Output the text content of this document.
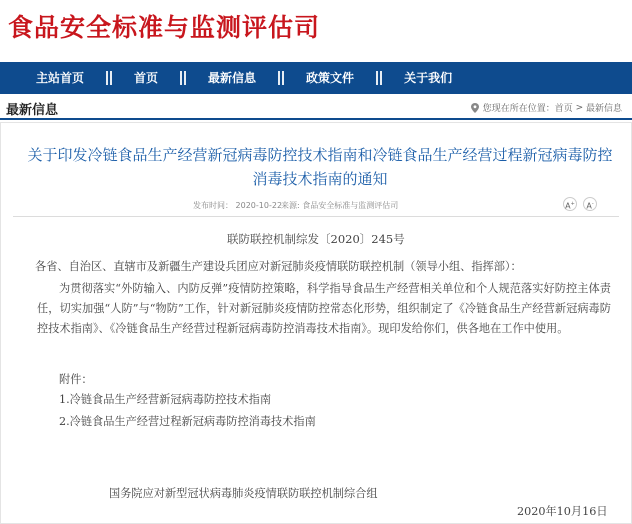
食品安全标准与监测评估司
主站首页	首页	最新信息	政策文件	关于我们
最新信息	您现在所在位置： 首页 > 最新信息
关于印发冷链食品生产经营新冠病毒防控技术指南和冷链食品生产经营过程新冠病毒防控消毒技术指南的通知
发布时间： 2020-10-22
来源: 食品安全标准与监测评估司	A+	A-
联防联控机制综发〔2020〕245号
各省、自治区、直辖市及新疆生产建设兵团应对新冠肺炎疫情联防联控机制（领导小组、指挥部）：
为贯彻落实“外防输入、内防反弹”疫情防控策略，科学指导食品生产经营相关单位和个人规范落实好防控主体责任，切实加强“人防”与“物防”工作，针对新冠肺炎疫情防控常态化形势，组织制定了《冷链食品生产经营新冠病毒防控技术指南》、《冷链食品生产经营过程新冠病毒防控消毒技术指南》。现印发给你们，供各地在工作中使用。
附件：
1.冷链食品生产经营新冠病毒防控技术指南
2.冷链食品生产经营过程新冠病毒防控消毒技术指南
国务院应对新型冠状病毒肺炎疫情联防联控机制综合组
2020年10月16日
